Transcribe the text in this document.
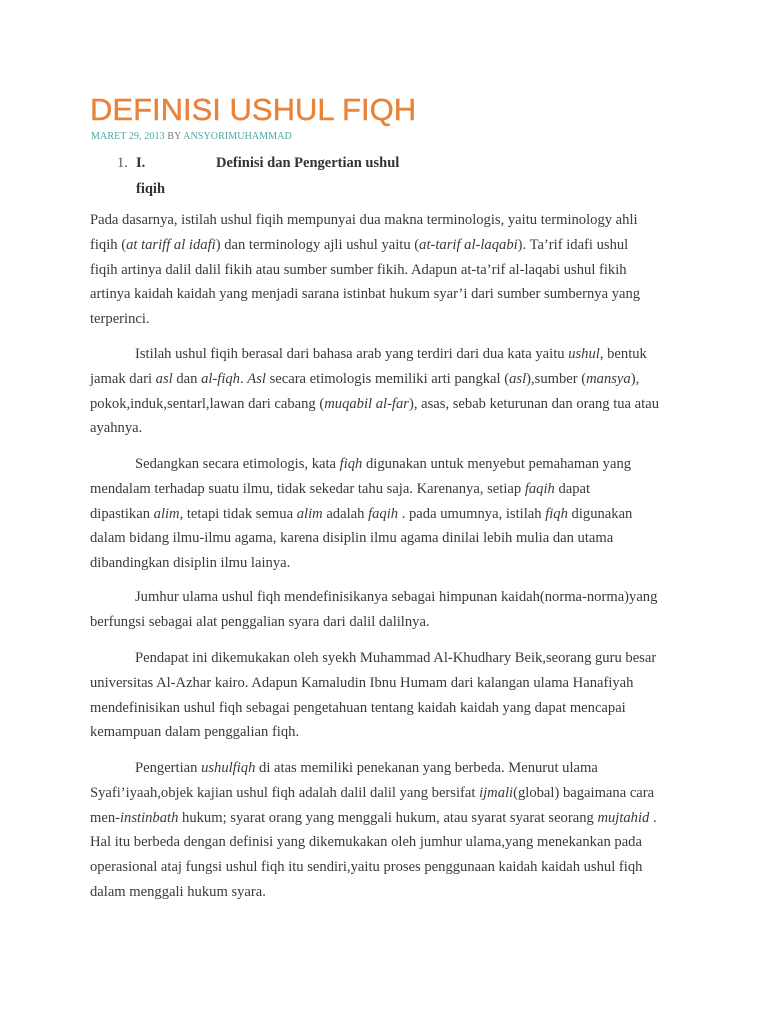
DEFINISI USHUL FIQH
MARET 29, 2013 BY ANSYORIMUHAMMAD
1. I.	Definisi dan Pengertian ushul
fiqih
Pada dasarnya, istilah ushul fiqih mempunyai dua makna terminologis, yaitu terminology ahli
fiqih (at tariff al idafi) dan terminology ajli ushul yaitu (at-tarif al-laqabi). Ta’rif idafi ushul
fiqih artinya dalil dalil fikih atau sumber sumber fikih. Adapun at-ta’rif al-laqabi ushul fikih
artinya kaidah kaidah yang menjadi sarana istinbat hukum syar’i dari sumber sumbernya yang
terperinci.
Istilah ushul fiqih berasal dari bahasa arab yang terdiri dari dua kata yaitu ushul, bentuk
jamak dari asl dan al-fiqh. Asl secara etimologis memiliki arti pangkal (asl),sumber (mansya),
pokok,induk,sentarl,lawan dari cabang (muqabil al-far), asas, sebab keturunan dan orang tua atau
ayahnya.
Sedangkan secara etimologis, kata fiqh digunakan untuk menyebut pemahaman yang
mendalam terhadap suatu ilmu, tidak sekedar tahu saja. Karenanya, setiap faqih dapat
dipastikan alim, tetapi tidak semua alim adalah faqih . pada umumnya, istilah fiqh digunakan
dalam bidang ilmu-ilmu agama, karena disiplin ilmu agama dinilai lebih mulia dan utama
dibandingkan disiplin ilmu lainya.
Jumhur ulama ushul fiqh mendefinisikanya sebagai himpunan kaidah(norma-norma)yang
berfungsi sebagai alat penggalian syara dari dalil dalilnya.
Pendapat ini dikemukakan oleh syekh Muhammad Al-Khudhary Beik,seorang guru besar
universitas Al-Azhar kairo. Adapun Kamaludin Ibnu Humam dari kalangan ulama Hanafiyah
mendefinisikan ushul fiqh sebagai pengetahuan tentang kaidah kaidah yang dapat mencapai
kemampuan dalam penggalian fiqh.
Pengertian ushulfiqh di atas memiliki penekanan yang berbeda. Menurut ulama
Syafi’iyaah,objek kajian ushul fiqh adalah dalil dalil yang bersifat ijmali(global) bagaimana cara
men-instinbath hukum; syarat orang yang menggali hukum, atau syarat syarat seorang mujtahid .
Hal itu berbeda dengan definisi yang dikemukakan oleh jumhur ulama,yang menekankan pada
operasional ataj fungsi ushul fiqh itu sendiri,yaitu proses penggunaan kaidah kaidah ushul fiqh
dalam menggali hukum syara.
